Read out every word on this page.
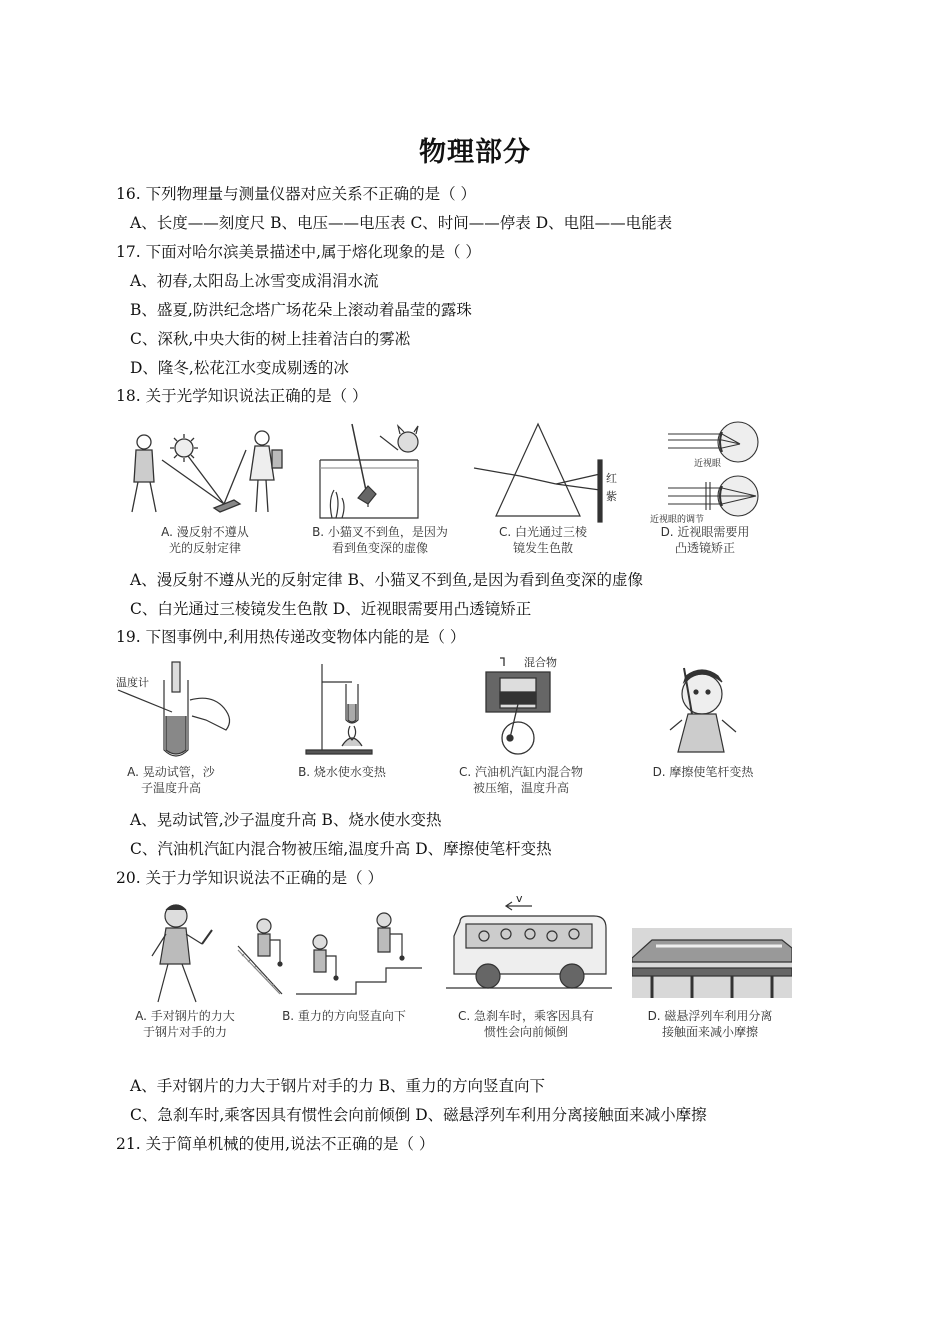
物理部分
16. 下列物理量与测量仪器对应关系不正确的是（ ）
A、长度——刻度尺 B、电压——电压表 C、时间——停表 D、电阻——电能表
17. 下面对哈尔滨美景描述中,属于熔化现象的是（ ）
A、初春,太阳岛上冰雪变成涓涓水流
B、盛夏,防洪纪念塔广场花朵上滚动着晶莹的露珠
C、深秋,中央大街的树上挂着洁白的雾凇
D、隆冬,松花江水变成剔透的冰
18. 关于光学知识说法正确的是（ ）
A. 漫反射不遵从
光的反射定律
B. 小猫叉不到鱼，是因为
看到鱼变深的虚像
红
紫
C. 白光通过三棱
镜发生色散
近视眼
近视眼的调节
D. 近视眼需要用
凸透镜矫正
A、漫反射不遵从光的反射定律 B、小猫叉不到鱼,是因为看到鱼变深的虚像
C、白光通过三棱镜发生色散 D、近视眼需要用凸透镜矫正
19. 下图事例中,利用热传递改变物体内能的是（ ）
温度计
A. 晃动试管，沙
子温度升高
B. 烧水使水变热
混合物
C. 汽油机汽缸内混合物
被压缩，温度升高
D. 摩擦使笔杆变热
A、晃动试管,沙子温度升高 B、烧水使水变热
C、汽油机汽缸内混合物被压缩,温度升高 D、摩擦使笔杆变热
20. 关于力学知识说法不正确的是（ ）
A. 手对钢片的力大
于钢片对手的力
B. 重力的方向竖直向下
v
C. 急刹车时，乘客因具有
惯性会向前倾倒
D. 磁悬浮列车利用分离
接触面来减小摩擦
A、手对钢片的力大于钢片对手的力 B、重力的方向竖直向下
C、急刹车时,乘客因具有惯性会向前倾倒 D、磁悬浮列车利用分离接触面来减小摩擦
21. 关于简单机械的使用,说法不正确的是（ ）
